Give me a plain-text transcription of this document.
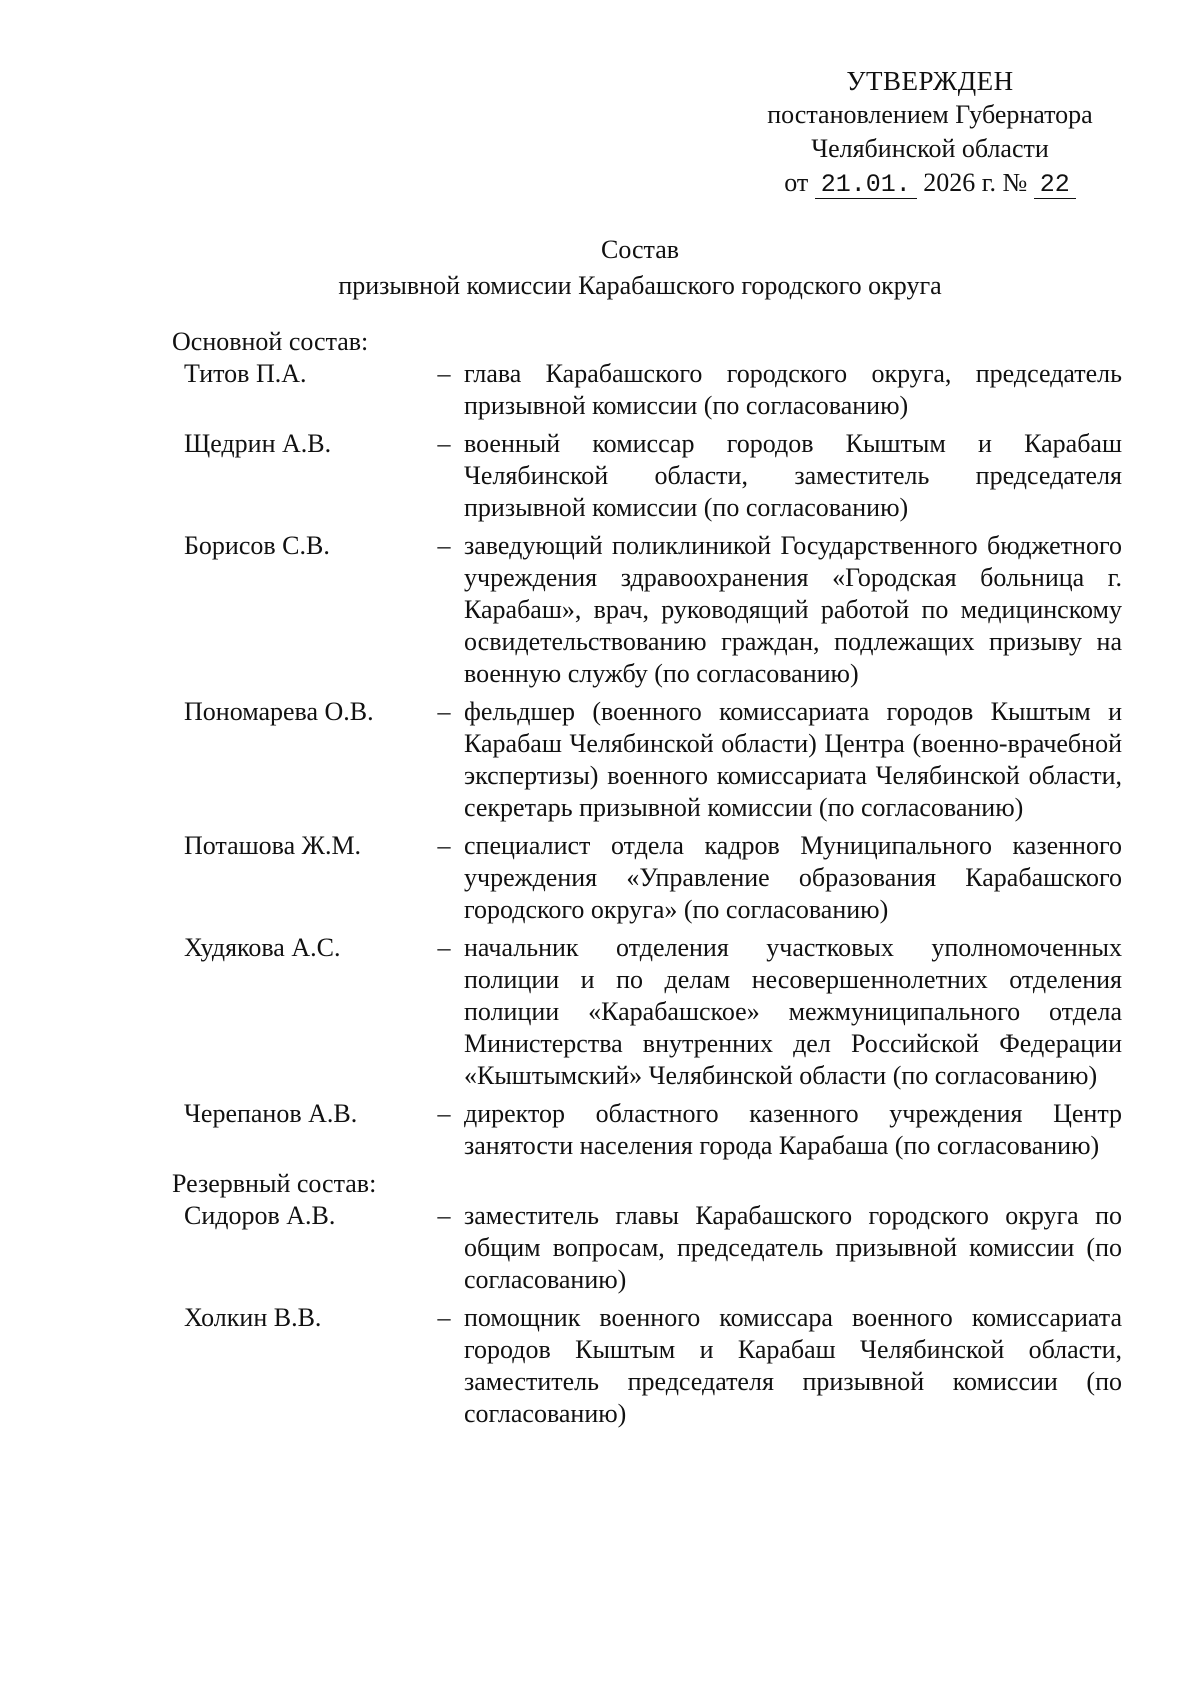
УТВЕРЖДЕН
постановлением Губернатора
Челябинской области
от 21.01. 2026 г. № 22
Состав
призывной комиссии Карабашского городского округа
Основной состав:
Титов П.А.	– глава Карабашского городского округа, председатель призывной комиссии (по согласованию)
Щедрин А.В.	– военный комиссар городов Кыштым и Карабаш Челябинской области, заместитель председателя призывной комиссии (по согласованию)
Борисов С.В.	– заведующий поликлиникой Государственного бюджетного учреждения здравоохранения «Городская больница г. Карабаш», врач, руководящий работой по медицинскому освидетельствованию граждан, подлежащих призыву на военную службу (по согласованию)
Пономарева О.В.	– фельдшер (военного комиссариата городов Кыштым и Карабаш Челябинской области) Центра (военно-врачебной экспертизы) военного комиссариата Челябинской области, секретарь призывной комиссии (по согласованию)
Поташова Ж.М.	– специалист отдела кадров Муниципального казенного учреждения «Управление образования Карабашского городского округа» (по согласованию)
Худякова А.С.	– начальник отделения участковых уполномоченных полиции и по делам несовершеннолетних отделения полиции «Карабашское» межмуниципального отдела Министерства внутренних дел Российской Федерации «Кыштымский» Челябинской области (по согласованию)
Черепанов А.В.	– директор областного казенного учреждения Центр занятости населения города Карабаша (по согласованию)
Резервный состав:
Сидоров А.В.	– заместитель главы Карабашского городского округа по общим вопросам, председатель призывной комиссии (по согласованию)
Холкин В.В.	– помощник военного комиссара военного комиссариата городов Кыштым и Карабаш Челябинской области, заместитель председателя призывной комиссии (по согласованию)
